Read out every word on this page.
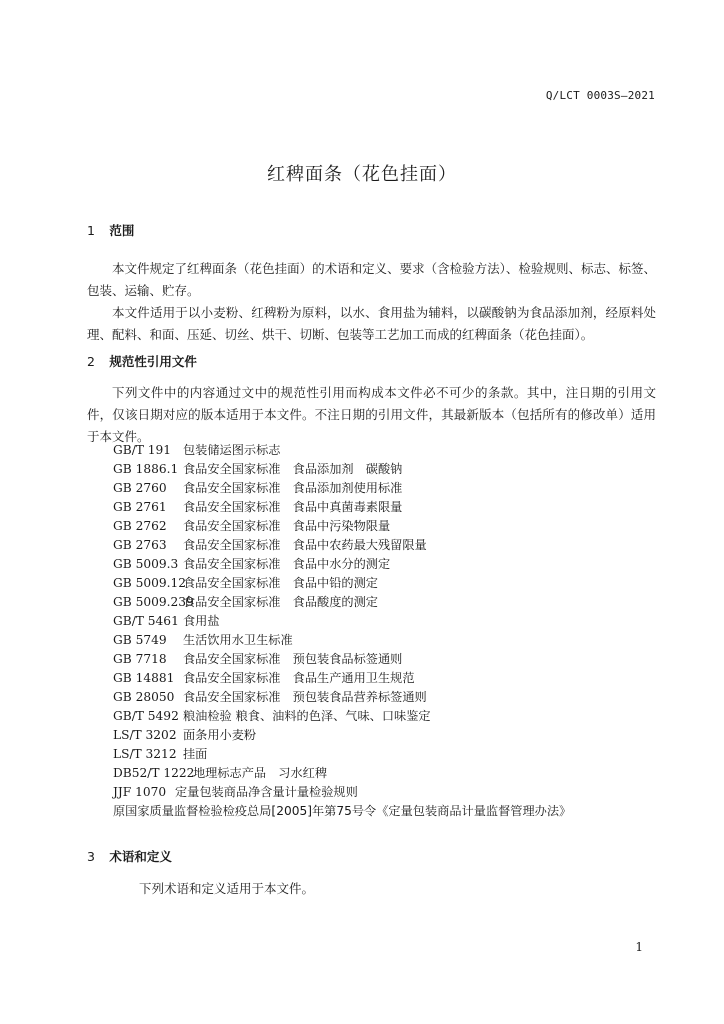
Q/LCT 0003S—2021
红稗面条（花色挂面）
1 范围

本文件规定了红稗面条（花色挂面）的术语和定义、要求（含检验方法）、检验规则、标志、标签、包装、运输、贮存。

本文件适用于以小麦粉、红稗粉为原料，以水、食用盐为辅料，以碳酸钠为食品添加剂，经原料处理、配料、和面、压延、切丝、烘干、切断、包装等工艺加工而成的红稗面条（花色挂面）。

2 规范性引用文件

下列文件中的内容通过文中的规范性引用而构成本文件必不可少的条款。其中，注日期的引用文件，仅该日期对应的版本适用于本文件。不注日期的引用文件，其最新版本（包括所有的修改单）适用于本文件。

GB/T 191 包装储运图示标志
GB 1886.1 食品安全国家标准　食品添加剂　碳酸钠
GB 2760 食品安全国家标准　食品添加剂使用标准
GB 2761 食品安全国家标准　食品中真菌毒素限量
GB 2762 食品安全国家标准　食品中污染物限量
GB 2763 食品安全国家标准　食品中农药最大残留限量
GB 5009.3 食品安全国家标准　食品中水分的测定
GB 5009.12食品安全国家标准　食品中铅的测定
GB 5009.239食品安全国家标准　食品酸度的测定
GB/T 5461 食用盐
GB 5749 生活饮用水卫生标准
GB 7718 食品安全国家标准　预包装食品标签通则
GB 14881 食品安全国家标准　食品生产通用卫生规范
GB 28050 食品安全国家标准　预包装食品营养标签通则
GB/T 5492 粮油检验 粮食、油料的色泽、气味、口味鉴定
LS/T 3202 面条用小麦粉
LS/T 3212 挂面
DB52/T 1222地理标志产品　习水红稗
JJF 1070 定量包装商品净含量计量检验规则
原国家质量监督检验检疫总局[2005]年第75号令《定量包装商品计量监督管理办法》
3 术语和定义

下列术语和定义适用于本文件。

1
